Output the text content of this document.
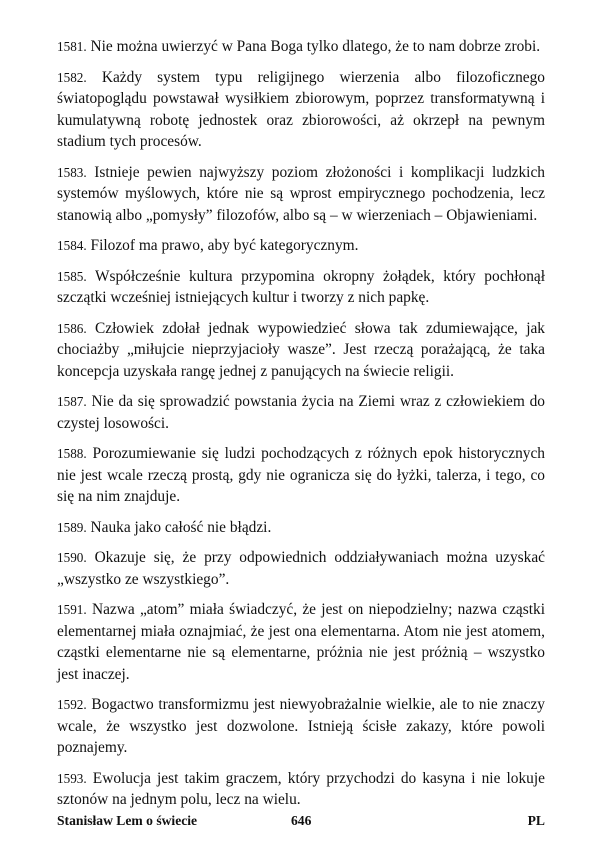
1581. Nie można uwierzyć w Pana Boga tylko dlatego, że to nam dobrze zrobi.

1582. Każdy system typu religijnego wierzenia albo filozoficznego światopoglądu powstawał wysiłkiem zbiorowym, poprzez transformatywną i kumulatywną robotę jednostek oraz zbiorowości, aż okrzepł na pewnym stadium tych procesów.

1583. Istnieje pewien najwyższy poziom złożoności i komplikacji ludzkich systemów myślowych, które nie są wprost empirycznego pochodzenia, lecz stanowią albo „pomysły” filozofów, albo są – w wierzeniach – Objawieniami.

1584. Filozof ma prawo, aby być kategorycznym.

1585. Współcześnie kultura przypomina okropny żołądek, który pochłonął szczątki wcześniej istniejących kultur i tworzy z nich papkę.

1586. Człowiek zdołał jednak wypowiedzieć słowa tak zdumiewające, jak chociażby „miłujcie nieprzyjacioły wasze”. Jest rzeczą porażającą, że taka koncepcja uzyskała rangę jednej z panujących na świecie religii.

1587. Nie da się sprowadzić powstania życia na Ziemi wraz z człowiekiem do czystej losowości.

1588. Porozumiewanie się ludzi pochodzących z różnych epok historycznych nie jest wcale rzeczą prostą, gdy nie ogranicza się do łyżki, talerza, i tego, co się na nim znajduje.

1589. Nauka jako całość nie błądzi.

1590. Okazuje się, że przy odpowiednich oddziaływaniach można uzyskać „wszystko ze wszystkiego”.

1591. Nazwa „atom” miała świadczyć, że jest on niepodzielny; nazwa cząstki elementarnej miała oznajmiać, że jest ona elementarna. Atom nie jest atomem, cząstki elementarne nie są elementarne, próżnia nie jest próżnią – wszystko jest inaczej.

1592. Bogactwo transformizmu jest niewyobrażalnie wielkie, ale to nie znaczy wcale, że wszystko jest dozwolone. Istnieją ścisłe zakazy, które powoli poznajemy.

1593. Ewolucja jest takim graczem, który przychodzi do kasyna i nie lokuje sztonów na jednym polu, lecz na wielu.

Stanisław Lem o świecie	646	PL
